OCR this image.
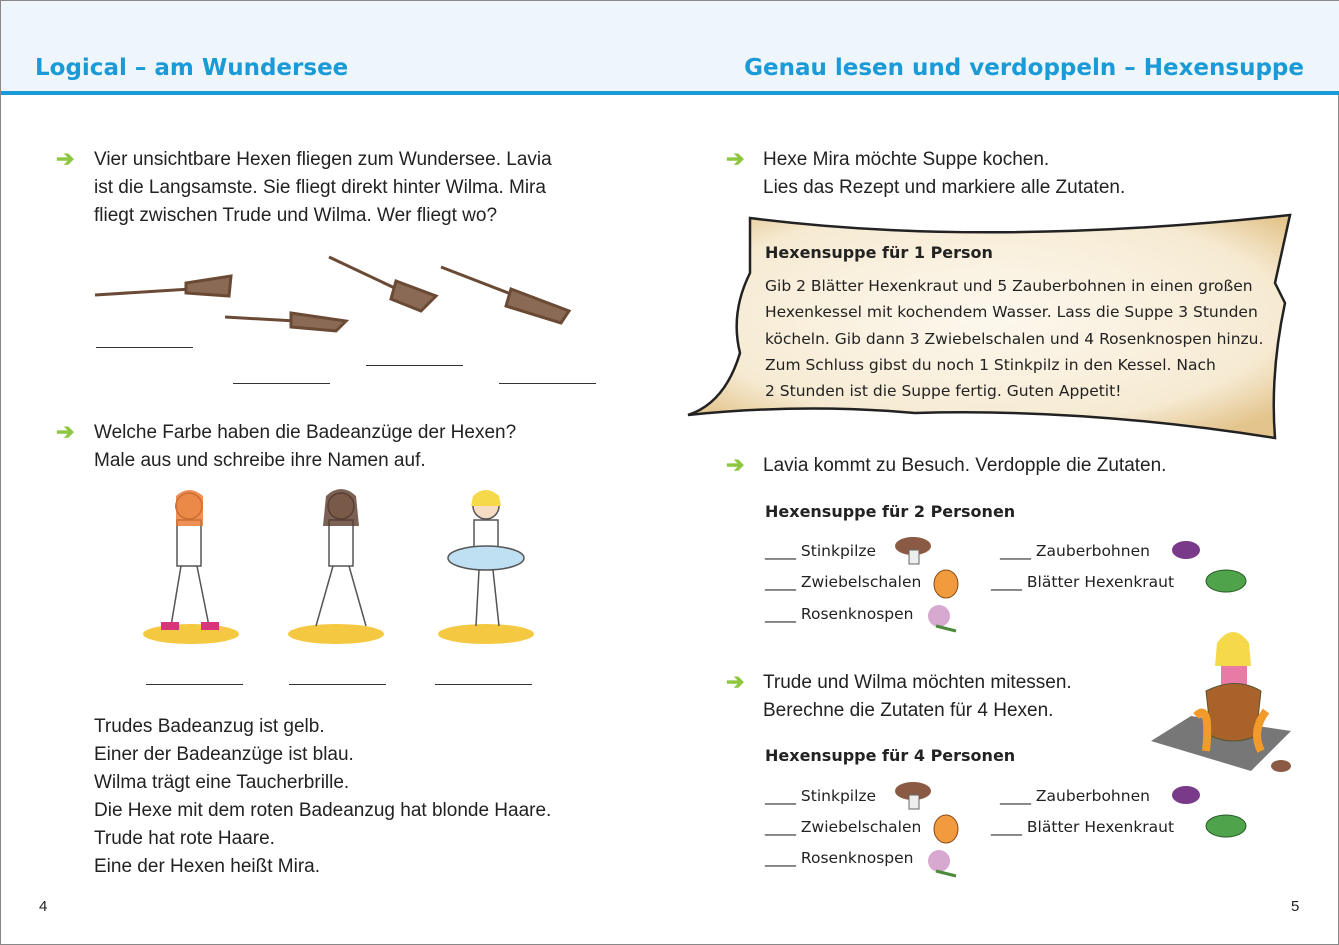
Logical – am Wundersee	Genau lesen und verdoppeln – Hexensuppe
➔ Vier unsichtbare Hexen fliegen zum Wundersee. Lavia
ist die Langsamste. Sie fliegt direkt hinter Wilma. Mira
fliegt zwischen Trude und Wilma. Wer fliegt wo?
➔ Welche Farbe haben die Badeanzüge der Hexen?
Male aus und schreibe ihre Namen auf.
Trudes Badeanzug ist gelb.
Einer der Badeanzüge ist blau.
Wilma trägt eine Taucherbrille.
Die Hexe mit dem roten Badeanzug hat blonde Haare.
Trude hat rote Haare.
Eine der Hexen heißt Mira.
4
➔ Hexe Mira möchte Suppe kochen.
Lies das Rezept und markiere alle Zutaten.
Hexensuppe für 1 Person
Gib 2 Blätter Hexenkraut und 5 Zauberbohnen in einen großen
Hexenkessel mit kochendem Wasser. Lass die Suppe 3 Stunden
köcheln. Gib dann 3 Zwiebelschalen und 4 Rosenknospen hinzu.
Zum Schluss gibst du noch 1 Stinkpilz in den Kessel. Nach
2 Stunden ist die Suppe fertig. Guten Appetit!
➔ Lavia kommt zu Besuch. Verdopple die Zutaten.
Hexensuppe für 2 Personen
____ Stinkpilze
____ Zwiebelschalen
____ Rosenknospen
____ Zauberbohnen
____ Blätter Hexenkraut
➔ Trude und Wilma möchten mitessen.
Berechne die Zutaten für 4 Hexen.
Hexensuppe für 4 Personen
____ Stinkpilze
____ Zwiebelschalen
____ Rosenknospen
____ Zauberbohnen
____ Blätter Hexenkraut
5
